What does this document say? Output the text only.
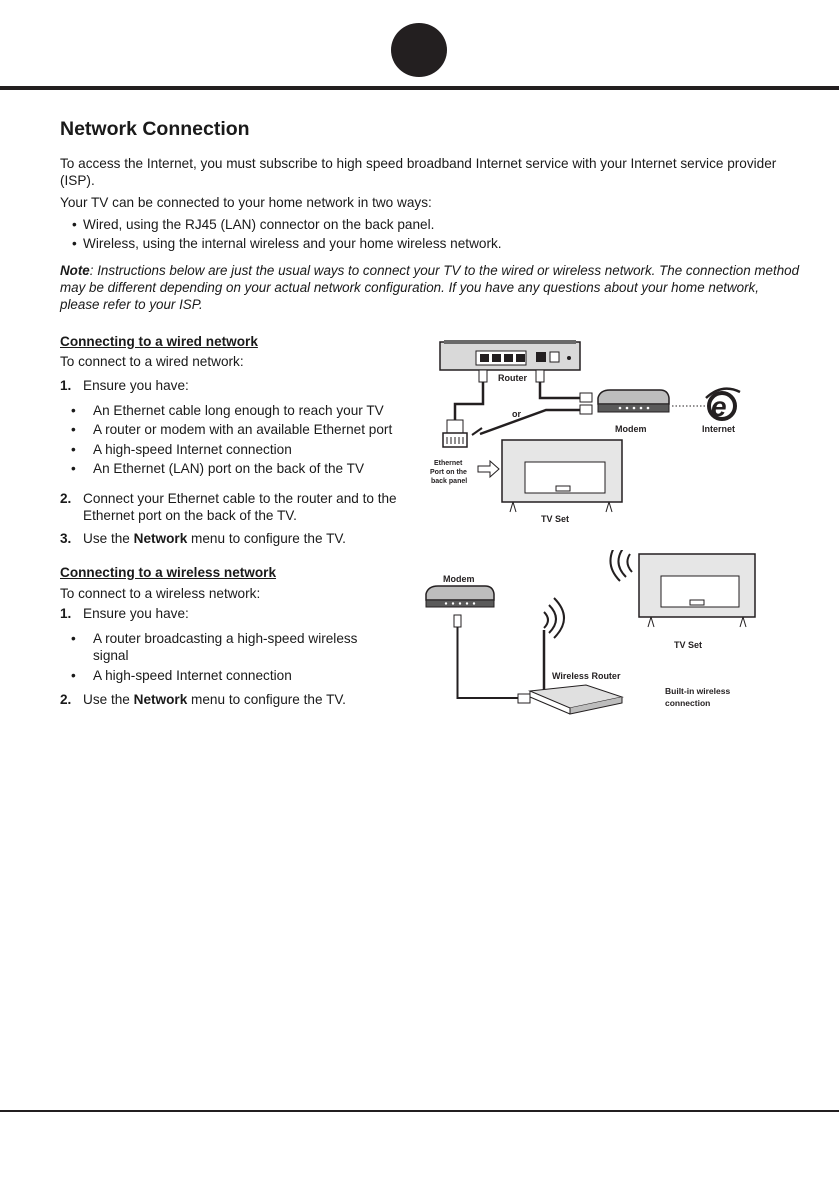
Network Connection

To access the Internet, you must subscribe to high speed broadband Internet service with your Internet service provider (ISP).

Your TV can be connected to your home network in two ways:

• Wired, using the RJ45 (LAN) connector on the back panel.

• Wireless, using the internal wireless and your home wireless network.

Note: Instructions below are just the usual ways to connect your TV to the wired or wireless network. The connection method may be different depending on your actual network configuration. If you have any questions about your home network, please refer to your ISP.

Connecting to a wired network

To connect to a wired network:

1. Ensure you have:

• An Ethernet cable long enough to reach your TV

• A router or modem with an available Ethernet port

• A high-speed Internet connection

• An Ethernet (LAN) port on the back of the TV

2. Connect your Ethernet cable to the router and to the Ethernet port on the back of the TV.
3. Use the Network menu to configure the TV.

Connecting to a wireless network

To connect to a wireless network:

1. Ensure you have:

• A router broadcasting a high-speed wireless signal

• A high-speed Internet connection

2. Use the Network menu to configure the TV.
Router
or
Ethernet
Port on the
back panel
Modem
e
Internet
TV Set
Modem
Wireless Router
TV Set
Built-in wireless
connection
